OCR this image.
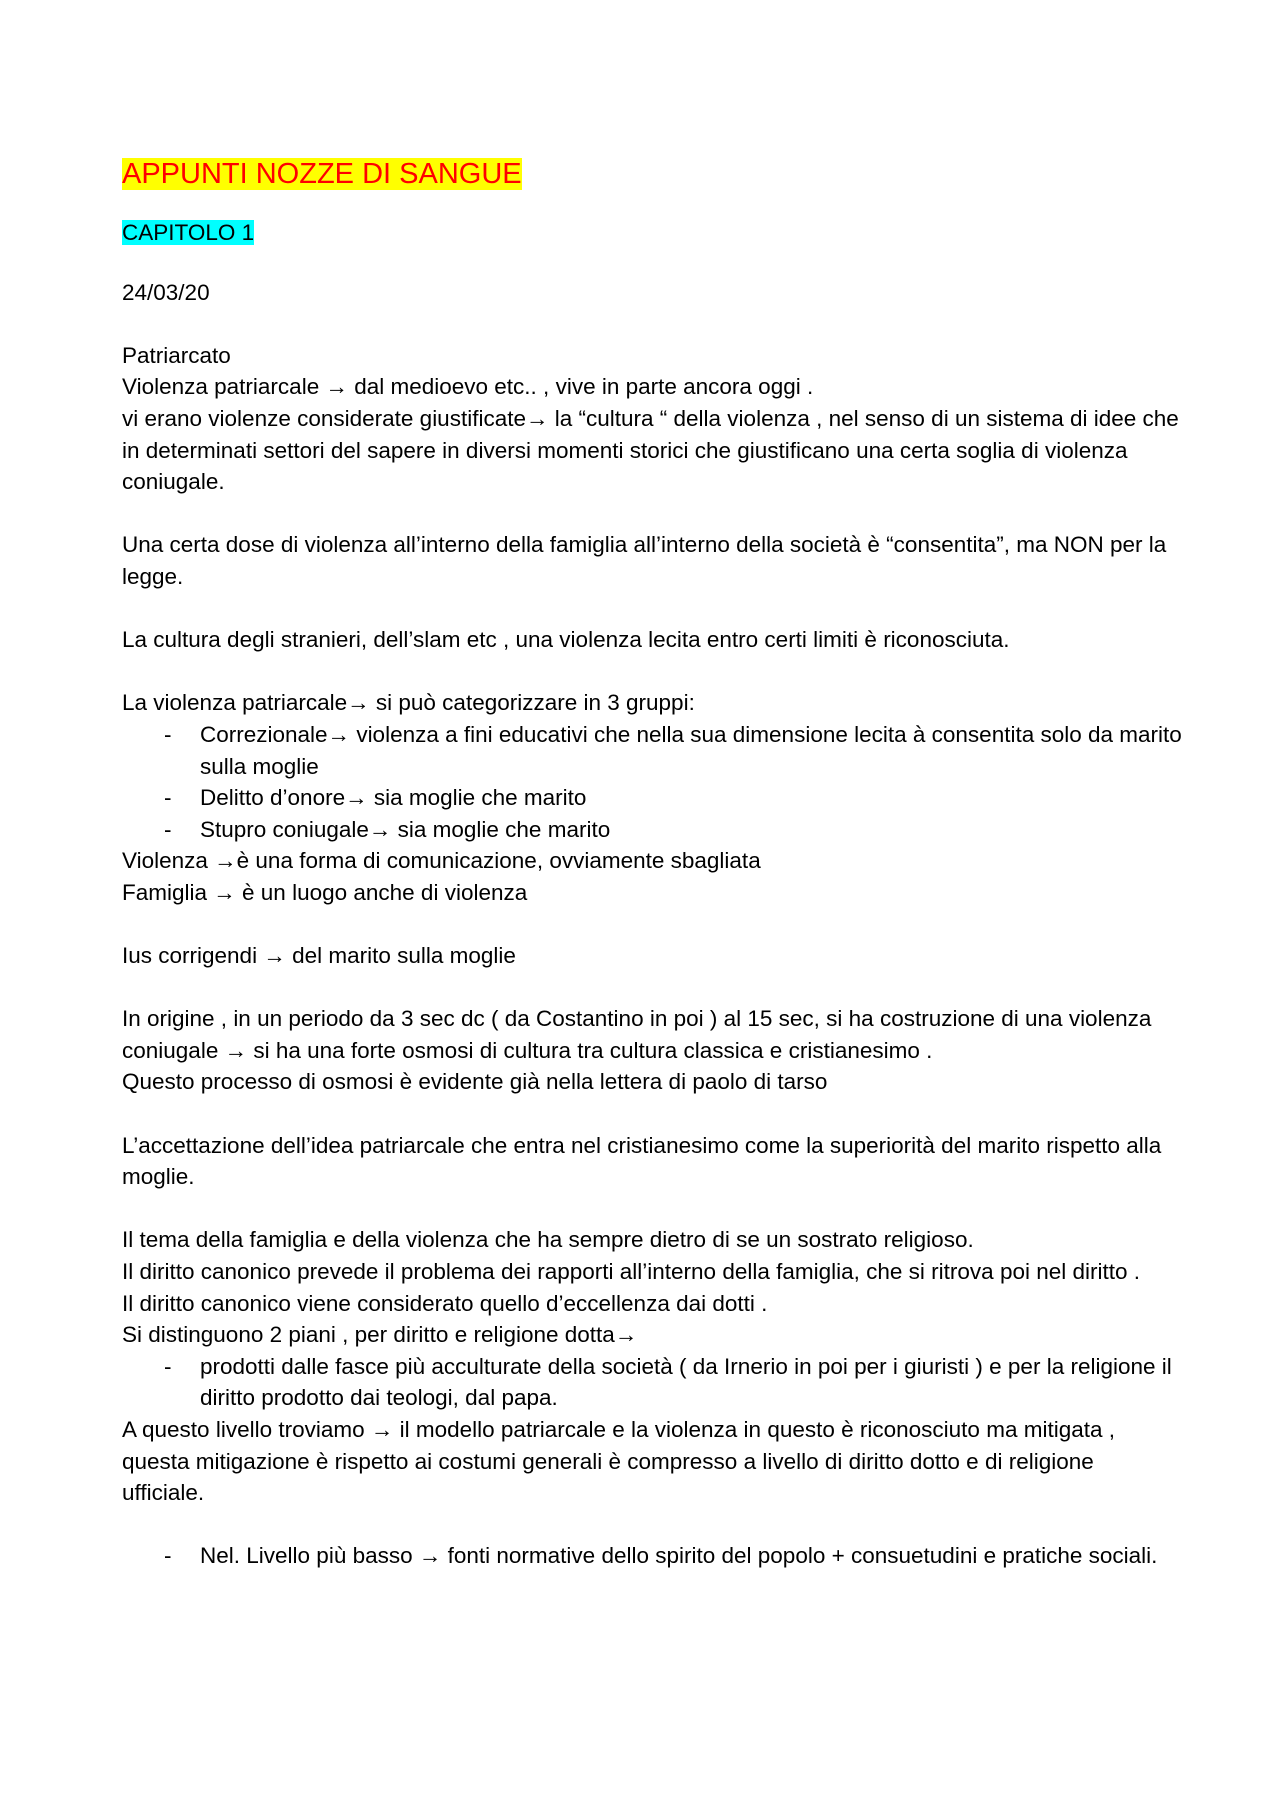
APPUNTI NOZZE DI SANGUE

CAPITOLO 1

24/03/20

Patriarcato

Violenza patriarcale → dal medioevo etc.. , vive in parte ancora oggi .

vi erano violenze considerate giustificate→ la “cultura “ della violenza , nel senso di un sistema di idee che in determinati settori del sapere in diversi momenti storici che giustificano una certa soglia di violenza coniugale.

Una certa dose di violenza all’interno della famiglia all’interno della società è “consentita”, ma NON per la legge.

La cultura degli stranieri, dell’slam etc , una violenza lecita entro certi limiti è riconosciuta.

La violenza patriarcale→ si può categorizzare in 3 gruppi:

- Correzionale→ violenza a fini educativi che nella sua dimensione lecita à consentita solo da marito sulla moglie

- Delitto d’onore→ sia moglie che marito

- Stupro coniugale→ sia moglie che marito

Violenza →è una forma di comunicazione, ovviamente sbagliata

Famiglia → è un luogo anche di violenza

Ius corrigendi → del marito sulla moglie

In origine , in un periodo da 3 sec dc ( da Costantino in poi ) al 15 sec, si ha costruzione di una violenza coniugale → si ha una forte osmosi di cultura tra cultura classica e cristianesimo .

Questo processo di osmosi è evidente già nella lettera di paolo di tarso

L’accettazione dell’idea patriarcale che entra nel cristianesimo come la superiorità del marito rispetto alla moglie.

Il tema della famiglia e della violenza che ha sempre dietro di se un sostrato religioso.

Il diritto canonico prevede il problema dei rapporti all’interno della famiglia, che si ritrova poi nel diritto .

Il diritto canonico viene considerato quello d’eccellenza dai dotti .

Si distinguono 2 piani , per diritto e religione dotta→

- prodotti dalle fasce più acculturate della società ( da Irnerio in poi per i giuristi ) e per la religione il diritto prodotto dai teologi, dal papa.

A questo livello troviamo → il modello patriarcale e la violenza in questo è riconosciuto ma mitigata , questa mitigazione è rispetto ai costumi generali è compresso a livello di diritto dotto e di religione ufficiale.

- Nel. Livello più basso → fonti normative dello spirito del popolo + consuetudini e pratiche sociali.
